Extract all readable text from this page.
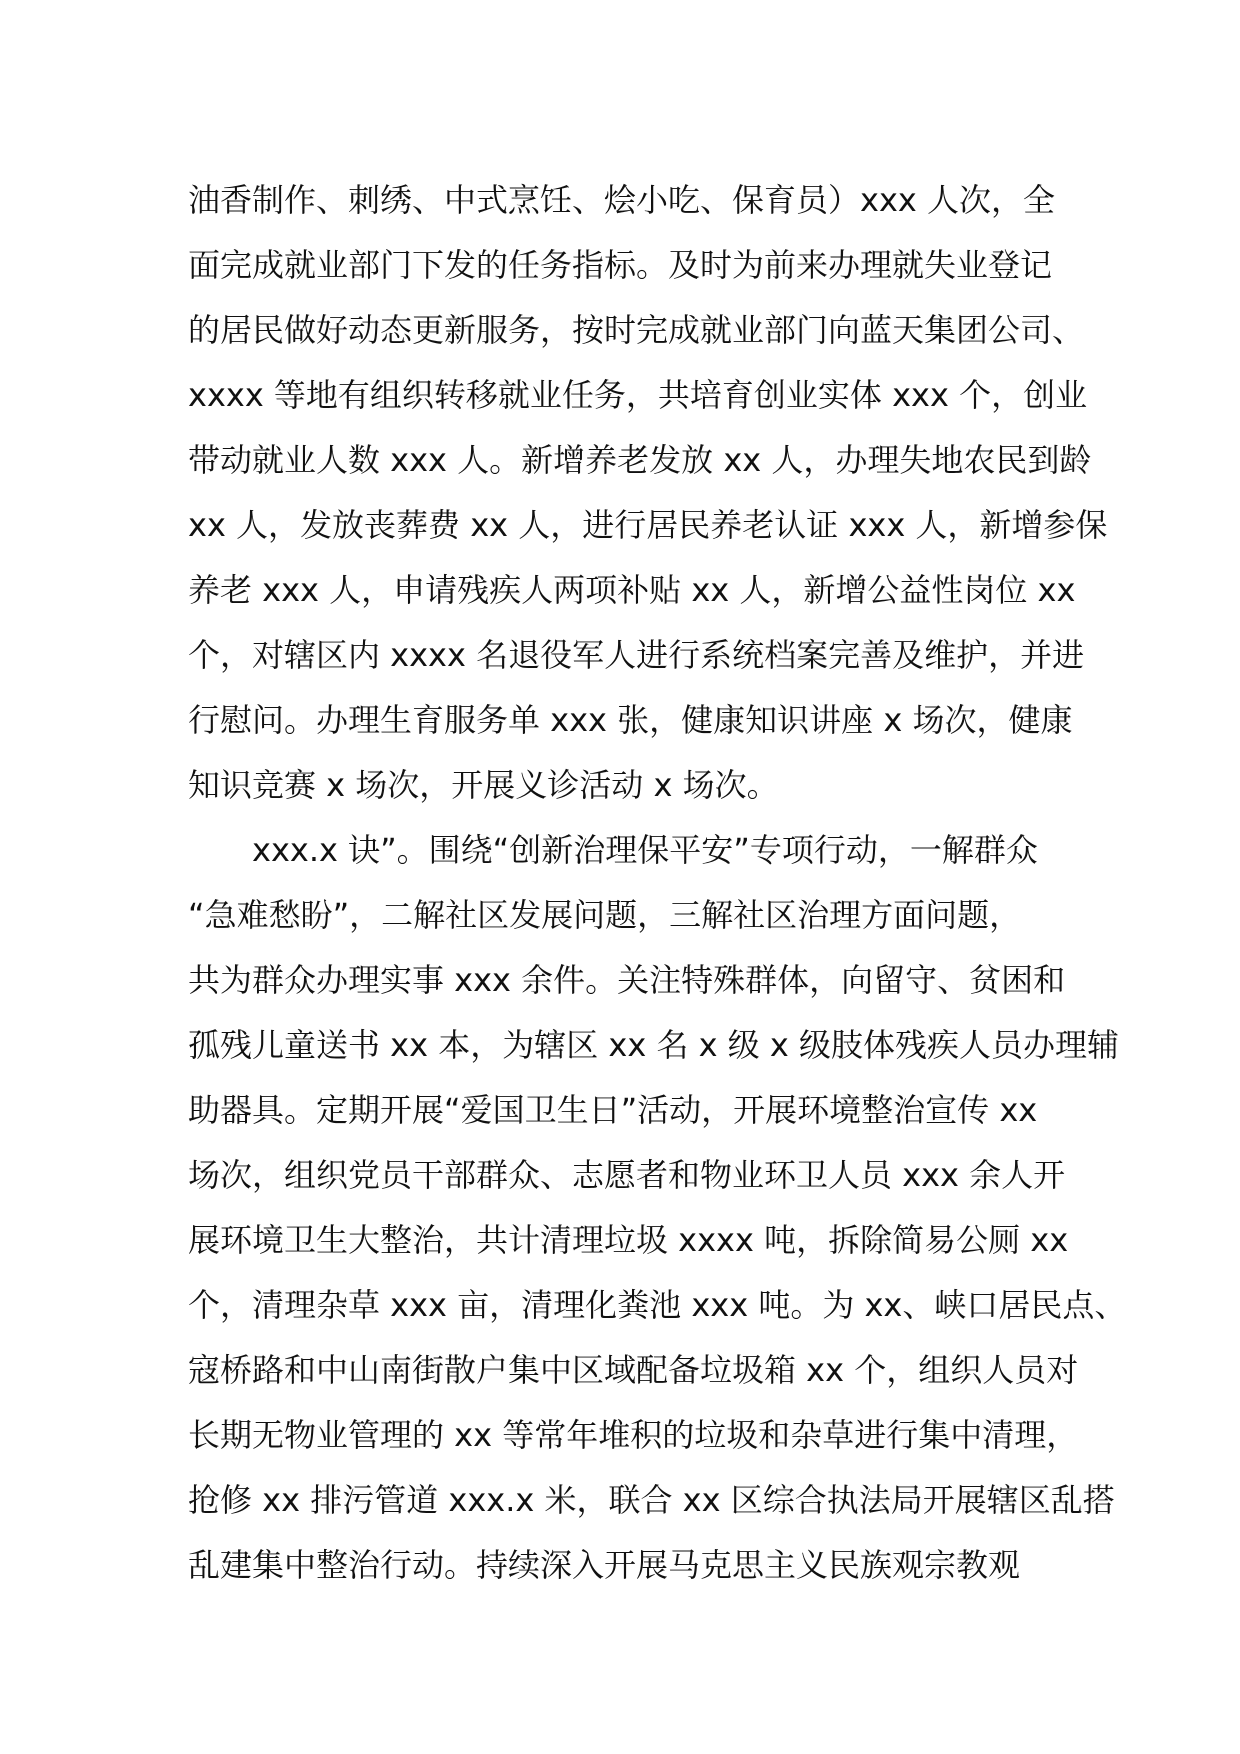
油香制作、刺绣、中式烹饪、烩小吃、保育员）xxx 人次，全
面完成就业部门下发的任务指标。及时为前来办理就失业登记
的居民做好动态更新服务，按时完成就业部门向蓝天集团公司、
xxxx 等地有组织转移就业任务，共培育创业实体 xxx 个，创业
带动就业人数 xxx 人。新增养老发放 xx 人，办理失地农民到龄
xx 人，发放丧葬费 xx 人，进行居民养老认证 xxx 人，新增参保
养老 xxx 人，申请残疾人两项补贴 xx 人，新增公益性岗位 xx
个，对辖区内 xxxx 名退役军人进行系统档案完善及维护，并进
行慰问。办理生育服务单 xxx 张，健康知识讲座 x 场次，健康
知识竞赛 x 场次，开展义诊活动 x 场次。
　　xxx.x 诀”。围绕“创新治理保平安”专项行动，一解群众
“急难愁盼”，二解社区发展问题，三解社区治理方面问题，
共为群众办理实事 xxx 余件。关注特殊群体，向留守、贫困和
孤残儿童送书 xx 本，为辖区 xx 名 x 级 x 级肢体残疾人员办理辅
助器具。定期开展“爱国卫生日”活动，开展环境整治宣传 xx
场次，组织党员干部群众、志愿者和物业环卫人员 xxx 余人开
展环境卫生大整治，共计清理垃圾 xxxx 吨，拆除简易公厕 xx
个，清理杂草 xxx 亩，清理化粪池 xxx 吨。为 xx、峡口居民点、
寇桥路和中山南街散户集中区域配备垃圾箱 xx 个，组织人员对
长期无物业管理的 xx 等常年堆积的垃圾和杂草进行集中清理，
抢修 xx 排污管道 xxx.x 米，联合 xx 区综合执法局开展辖区乱搭
乱建集中整治行动。持续深入开展马克思主义民族观宗教观
